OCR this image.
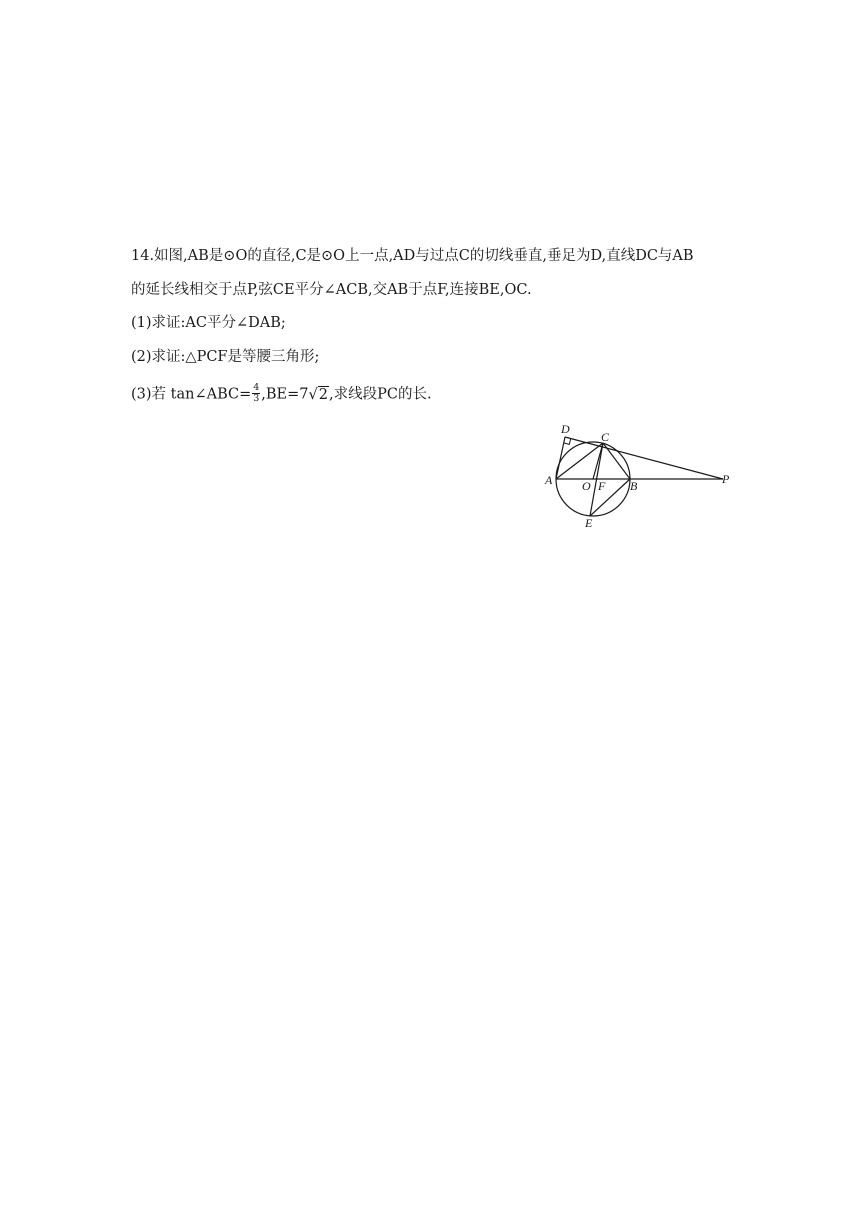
14.如图,AB是⊙O的直径,C是⊙O上一点,AD与过点C的切线垂直,垂足为D,直线DC与AB
的延长线相交于点P,弦CE平分∠ACB,交AB于点F,连接BE,OC.
(1)求证:AC平分∠DAB;
(2)求证:△PCF是等腰三角形;
(3)若 tan∠ABC= $\frac{4}{3} ,BE=7√2$,求线段PC的长.
D
C
A O F B
E
P
